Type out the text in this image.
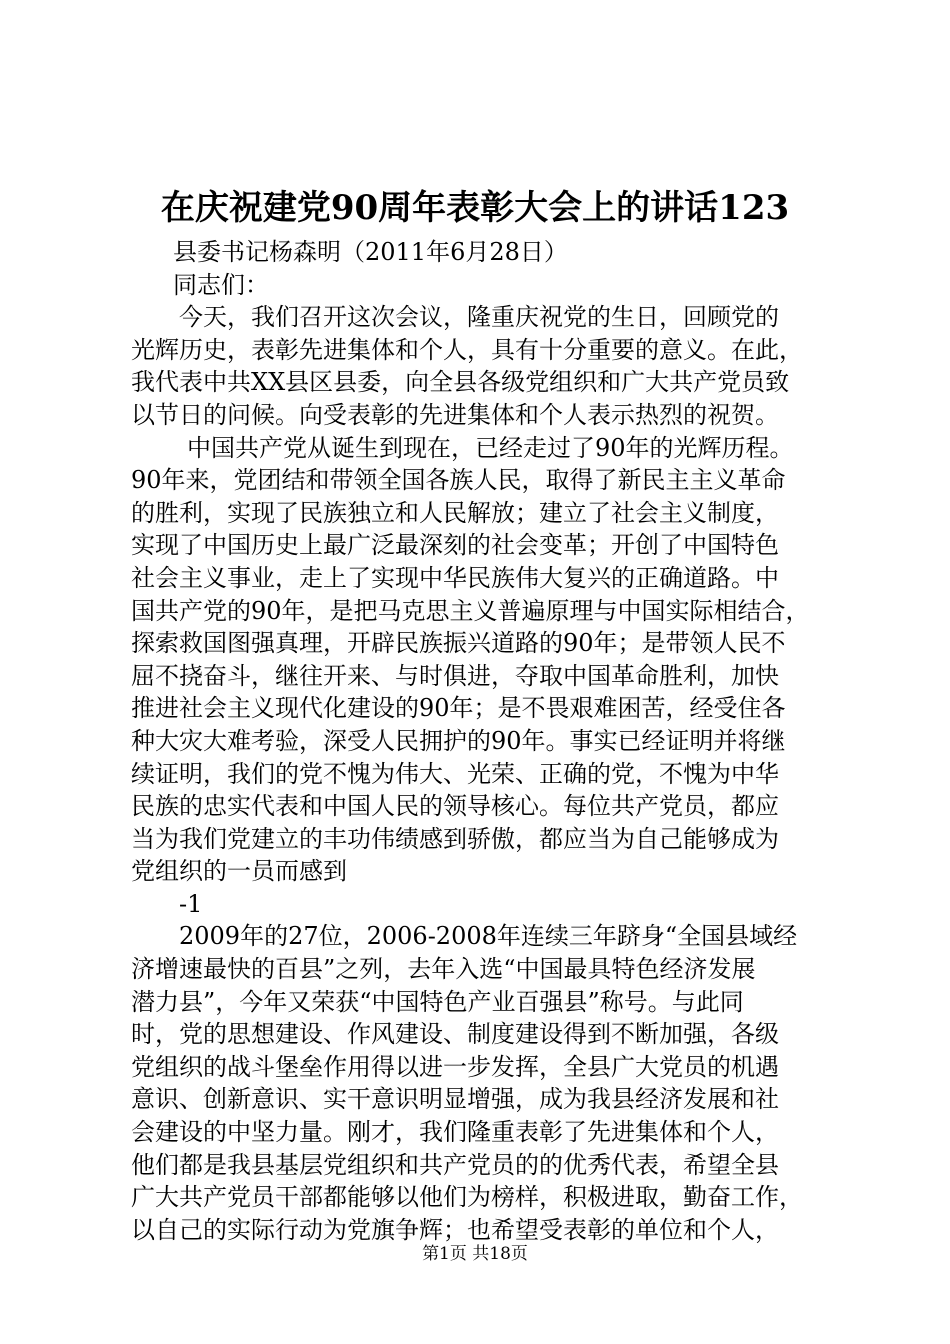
在庆祝建党90周年表彰大会上的讲话123
县委书记杨森明（2011年6月28日）
同志们：
今天，我们召开这次会议，隆重庆祝党的生日，回顾党的
光辉历史，表彰先进集体和个人，具有十分重要的意义。在此，
我代表中共XX县区县委，向全县各级党组织和广大共产党员致
以节日的问候。向受表彰的先进集体和个人表示热烈的祝贺。
中国共产党从诞生到现在，已经走过了90年的光辉历程。
90年来，党团结和带领全国各族人民，取得了新民主主义革命
的胜利，实现了民族独立和人民解放；建立了社会主义制度，
实现了中国历史上最广泛最深刻的社会变革；开创了中国特色
社会主义事业，走上了实现中华民族伟大复兴的正确道路。中
国共产党的90年，是把马克思主义普遍原理与中国实际相结合，
探索救国图强真理，开辟民族振兴道路的90年；是带领人民不
屈不挠奋斗，继往开来、与时俱进，夺取中国革命胜利，加快
推进社会主义现代化建设的90年；是不畏艰难困苦，经受住各
种大灾大难考验，深受人民拥护的90年。事实已经证明并将继
续证明，我们的党不愧为伟大、光荣、正确的党，不愧为中华
民族的忠实代表和中国人民的领导核心。每位共产党员，都应
当为我们党建立的丰功伟绩感到骄傲，都应当为自己能够成为
党组织的一员而感到
-1
2009年的27位，2006-2008年连续三年跻身“全国县域经
济增速最快的百县”之列，去年入选“中国最具特色经济发展
潜力县”，今年又荣获“中国特色产业百强县”称号。与此同
时，党的思想建设、作风建设、制度建设得到不断加强，各级
党组织的战斗堡垒作用得以进一步发挥，全县广大党员的机遇
意识、创新意识、实干意识明显增强，成为我县经济发展和社
会建设的中坚力量。刚才，我们隆重表彰了先进集体和个人，
他们都是我县基层党组织和共产党员的的优秀代表，希望全县
广大共产党员干部都能够以他们为榜样，积极进取，勤奋工作，
以自己的实际行动为党旗争辉；也希望受表彰的单位和个人，
第1页 共18页
